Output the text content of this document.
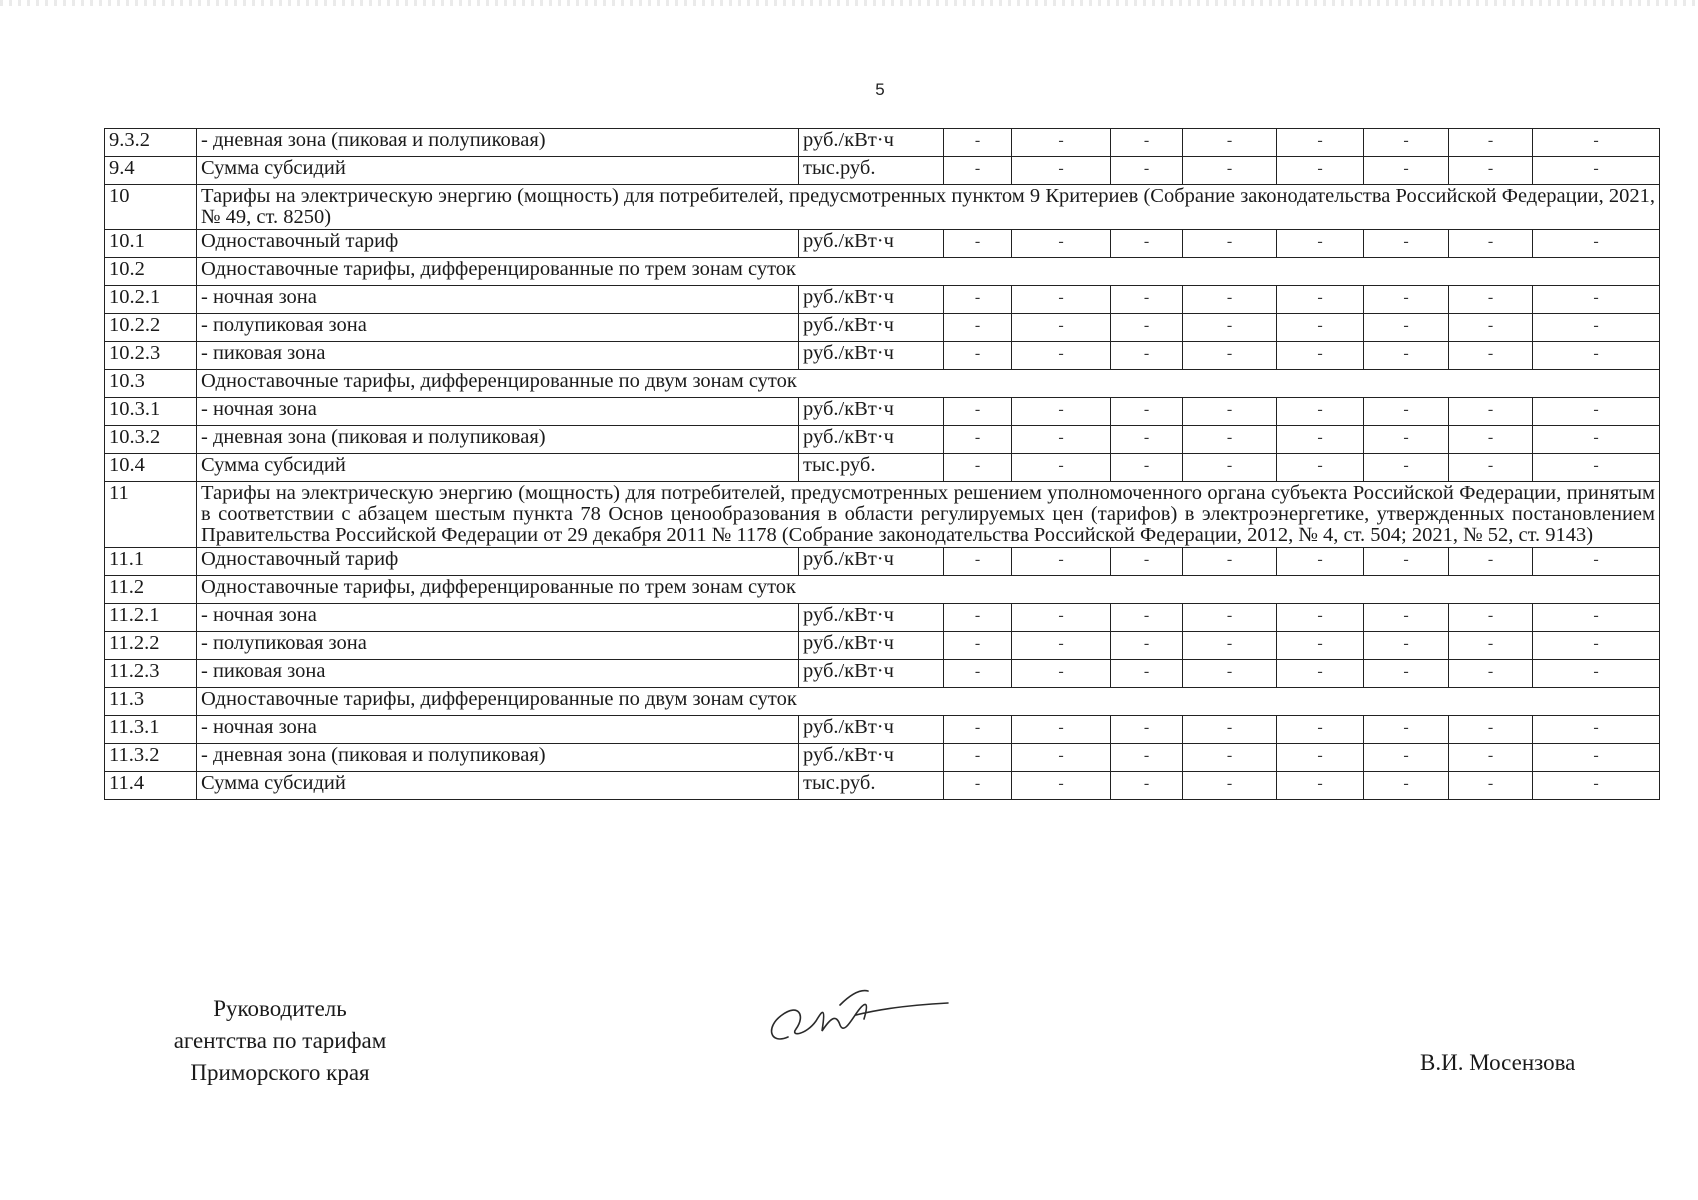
5
9.3.2	- дневная зона (пиковая и полупиковая)	руб./кВт·ч	-	-	-	-	-	-	-	-
9.4	Сумма субсидий	тыс.руб.	-	-	-	-	-	-	-	-
10	Тарифы на электрическую энергию (мощность) для потребителей, предусмотренных пунктом 9 Критериев (Собрание законодательства Российской Федерации, 2021, № 49, ст. 8250)									
10.1	Одноставочный тариф	руб./кВт·ч	-	-	-	-	-	-	-	-
10.2	Одноставочные тарифы, дифференцированные по трем зонам суток									
10.2.1	- ночная зона	руб./кВт·ч	-	-	-	-	-	-	-	-
10.2.2	- полупиковая зона	руб./кВт·ч	-	-	-	-	-	-	-	-
10.2.3	- пиковая зона	руб./кВт·ч	-	-	-	-	-	-	-	-
10.3	Одноставочные тарифы, дифференцированные по двум зонам суток									
10.3.1	- ночная зона	руб./кВт·ч	-	-	-	-	-	-	-	-
10.3.2	- дневная зона (пиковая и полупиковая)	руб./кВт·ч	-	-	-	-	-	-	-	-
10.4	Сумма субсидий	тыс.руб.	-	-	-	-	-	-	-	-
11	Тарифы на электрическую энергию (мощность) для потребителей, предусмотренных решением уполномоченного органа субъекта Российской Федерации, принятым в соответствии с абзацем шестым пункта 78 Основ ценообразования в области регулируемых цен (тарифов) в электроэнергетике, утвержденных постановлением Правительства Российской Федерации от 29 декабря 2011 № 1178 (Собрание законодательства Российской Федерации, 2012, № 4, ст. 504; 2021, № 52, ст. 9143)									
11.1	Одноставочный тариф	руб./кВт·ч	-	-	-	-	-	-	-	-
11.2	Одноставочные тарифы, дифференцированные по трем зонам суток									
11.2.1	- ночная зона	руб./кВт·ч	-	-	-	-	-	-	-	-
11.2.2	- полупиковая зона	руб./кВт·ч	-	-	-	-	-	-	-	-
11.2.3	- пиковая зона	руб./кВт·ч	-	-	-	-	-	-	-	-
11.3	Одноставочные тарифы, дифференцированные по двум зонам суток									
11.3.1	- ночная зона	руб./кВт·ч	-	-	-	-	-	-	-	-
11.3.2	- дневная зона (пиковая и полупиковая)	руб./кВт·ч	-	-	-	-	-	-	-	-
11.4	Сумма субсидий	тыс.руб.	-	-	-	-	-	-	-	-
Руководитель
агентства по тарифам
Приморского края	В.И. Мосензова
